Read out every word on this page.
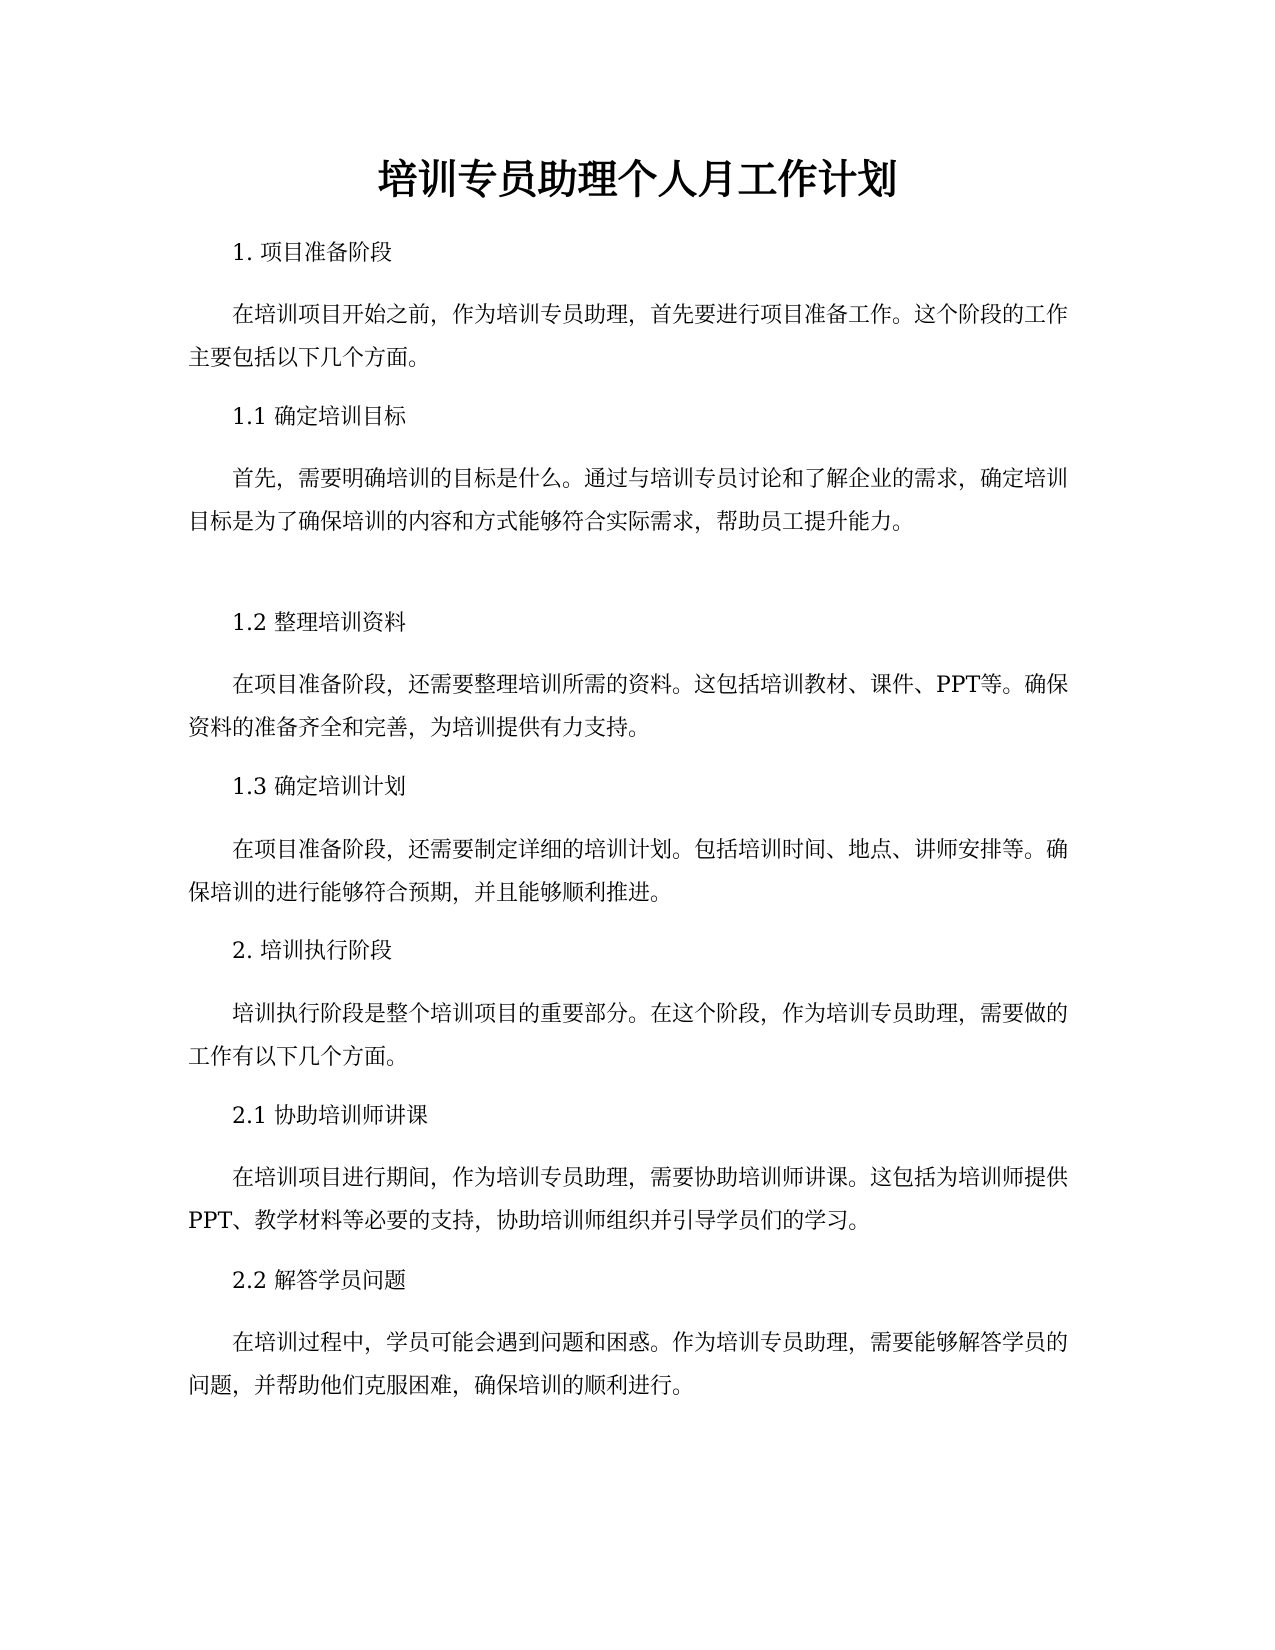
培训专员助理个人月工作计划

1. 项目准备阶段

在培训项目开始之前，作为培训专员助理，首先要进行项目准备工作。这个阶段的工作主要包括以下几个方面。

1.1 确定培训目标

首先，需要明确培训的目标是什么。通过与培训专员讨论和了解企业的需求，确定培训目标是为了确保培训的内容和方式能够符合实际需求，帮助员工提升能力。

1.2 整理培训资料

在项目准备阶段，还需要整理培训所需的资料。这包括培训教材、课件、PPT等。确保资料的准备齐全和完善，为培训提供有力支持。

1.3 确定培训计划

在项目准备阶段，还需要制定详细的培训计划。包括培训时间、地点、讲师安排等。确保培训的进行能够符合预期，并且能够顺利推进。

2. 培训执行阶段

培训执行阶段是整个培训项目的重要部分。在这个阶段，作为培训专员助理，需要做的工作有以下几个方面。

2.1 协助培训师讲课

在培训项目进行期间，作为培训专员助理，需要协助培训师讲课。这包括为培训师提供PPT、教学材料等必要的支持，协助培训师组织并引导学员们的学习。

2.2 解答学员问题

在培训过程中，学员可能会遇到问题和困惑。作为培训专员助理，需要能够解答学员的问题，并帮助他们克服困难，确保培训的顺利进行。
